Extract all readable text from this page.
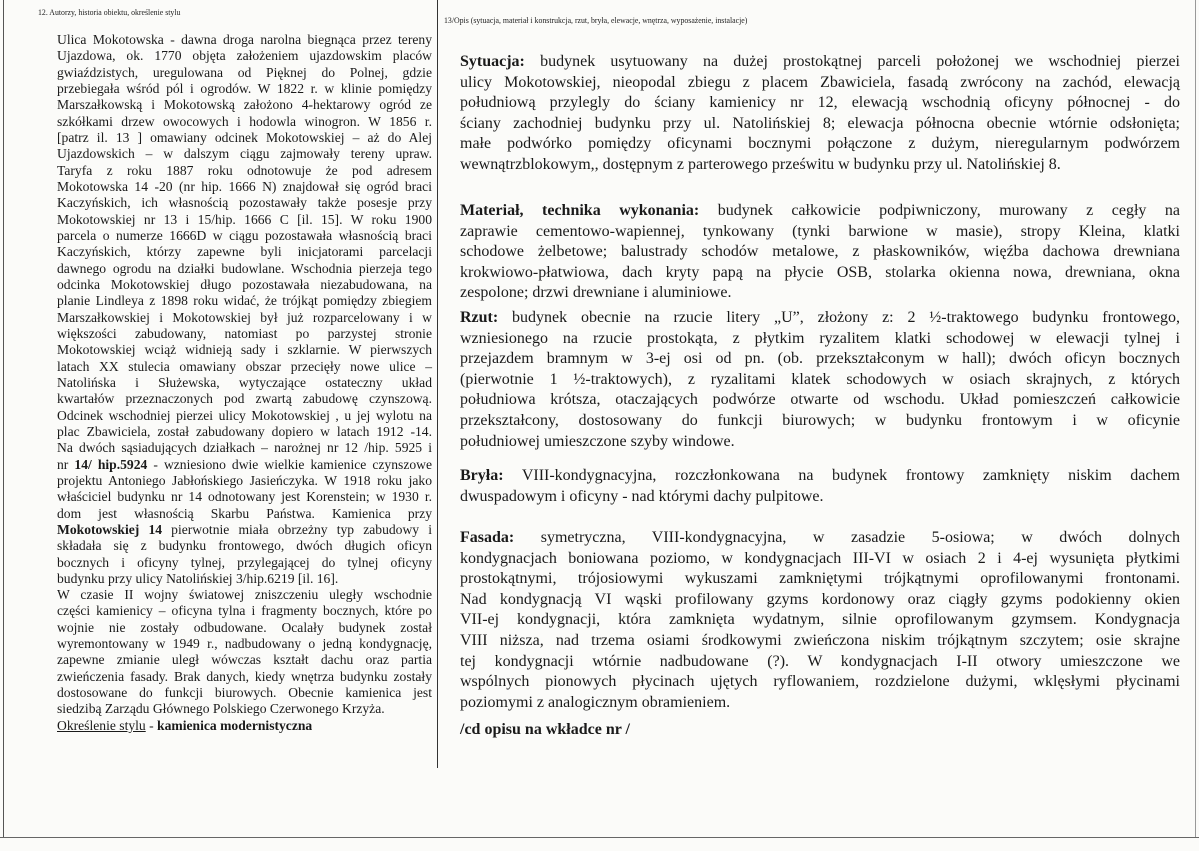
12. Autorzy, historia obiektu, określenie stylu
13/Opis (sytuacja, materiał i konstrukcja, rzut, bryła, elewacje, wnętrza, wyposażenie, instalacje)
Ulica Mokotowska - dawna droga narolna biegnąca przez tereny
Ujazdowa, ok. 1770 objęta założeniem ujazdowskim placów
gwiaździstych, uregulowana od Pięknej do Polnej, gdzie
przebiegała wśród pól i ogrodów. W 1822 r. w klinie pomiędzy
Marszałkowską i Mokotowską założono 4-hektarowy ogród ze
szkółkami drzew owocowych i hodowla winogron. W 1856 r.
[patrz il. 13 ] omawiany odcinek Mokotowskiej – aż do Alej
Ujazdowskich – w dalszym ciągu zajmowały tereny upraw.
Taryfa z roku 1887 roku odnotowuje że pod adresem
Mokotowska 14 -20 (nr hip. 1666 N) znajdował się ogród braci
Kaczyńskich, ich własnością pozostawały także posesje przy
Mokotowskiej nr 13 i 15/hip. 1666 C [il. 15]. W roku 1900
parcela o numerze 1666D w ciągu pozostawała własnością braci
Kaczyńskich, którzy zapewne byli inicjatorami parcelacji
dawnego ogrodu na działki budowlane. Wschodnia pierzeja tego
odcinka Mokotowskiej długo pozostawała niezabudowana, na
planie Lindleya z 1898 roku widać, że trójkąt pomiędzy zbiegiem
Marszałkowskiej i Mokotowskiej był już rozparcelowany i w
większości zabudowany, natomiast po parzystej stronie
Mokotowskiej wciąż widnieją sady i szklarnie. W pierwszych
latach XX stulecia omawiany obszar przecięły nowe ulice –
Natolińska i Służewska, wytyczające ostateczny układ
kwartałów przeznaczonych pod zwartą zabudowę czynszową.
Odcinek wschodniej pierzei ulicy Mokotowskiej , u jej wylotu na
plac Zbawiciela, został zabudowany dopiero w latach 1912 -14.
Na dwóch sąsiadujących działkach – narożnej nr 12 /hip. 5925 i
nr 14/ hip.5924 - wzniesiono dwie wielkie kamienice czynszowe
projektu Antoniego Jabłońskiego Jasieńczyka. W 1918 roku jako
właściciel budynku nr 14 odnotowany jest Korenstein; w 1930 r.
dom jest własnością Skarbu Państwa. Kamienica przy
Mokotowskiej 14 pierwotnie miała obrzeżny typ zabudowy i
składała się z budynku frontowego, dwóch długich oficyn
bocznych i oficyny tylnej, przylegającej do tylnej oficyny
budynku przy ulicy Natolińskiej 3/hip.6219 [il. 16].
W czasie II wojny światowej zniszczeniu uległy wschodnie
części kamienicy – oficyna tylna i fragmenty bocznych, które po
wojnie nie zostały odbudowane. Ocalały budynek został
wyremontowany w 1949 r., nadbudowany o jedną kondygnację,
zapewne zmianie uległ wówczas kształt dachu oraz partia
zwieńczenia fasady. Brak danych, kiedy wnętrza budynku zostały
dostosowane do funkcji biurowych. Obecnie kamienica jest
siedzibą Zarządu Głównego Polskiego Czerwonego Krzyża.
Określenie stylu - kamienica modernistyczna
Sytuacja: budynek usytuowany na dużej prostokątnej parceli położonej we wschodniej pierzei
ulicy Mokotowskiej, nieopodal zbiegu z placem Zbawiciela, fasadą zwrócony na zachód, elewacją
południową przylegly do ściany kamienicy nr 12, elewacją wschodnią oficyny północnej - do
ściany zachodniej budynku przy ul. Natolińskiej 8; elewacja północna obecnie wtórnie odsłonięta;
małe podwórko pomiędzy oficynami bocznymi połączone z dużym, nieregularnym podwórzem
wewnątrzblokowym,, dostępnym z parterowego prześwitu w budynku przy ul. Natolińskiej 8.
Materiał, technika wykonania: budynek całkowicie podpiwniczony, murowany z cegły na
zaprawie cementowo-wapiennej, tynkowany (tynki barwione w masie), stropy Kleina, klatki
schodowe żelbetowe; balustrady schodów metalowe, z płaskowników, więźba dachowa drewniana
krokwiowo-płatwiowa, dach kryty papą na płycie OSB, stolarka okienna nowa, drewniana, okna
zespolone; drzwi drewniane i aluminiowe.
Rzut: budynek obecnie na rzucie litery „U”, złożony z: 2 ½-traktowego budynku frontowego,
wzniesionego na rzucie prostokąta, z płytkim ryzalitem klatki schodowej w elewacji tylnej i
przejazdem bramnym w 3-ej osi od pn. (ob. przekształconym w hall); dwóch oficyn bocznych
(pierwotnie 1 ½-traktowych), z ryzalitami klatek schodowych w osiach skrajnych, z których
południowa krótsza, otaczających podwórze otwarte od wschodu. Układ pomieszczeń całkowicie
przekształcony, dostosowany do funkcji biurowych; w budynku frontowym i w oficynie
południowej umieszczone szyby windowe.
Bryła: VIII-kondygnacyjna, rozczłonkowana na budynek frontowy zamknięty niskim dachem
dwuspadowym i oficyny - nad którymi dachy pulpitowe.
Fasada: symetryczna, VIII-kondygnacyjna, w zasadzie 5-osiowa; w dwóch dolnych
kondygnacjach boniowana poziomo, w kondygnacjach III-VI w osiach 2 i 4-ej wysunięta płytkimi
prostokątnymi, trójosiowymi wykuszami zamkniętymi trójkątnymi oprofilowanymi frontonami.
Nad kondygnacją VI wąski profilowany gzyms kordonowy oraz ciągły gzyms podokienny okien
VII-ej kondygnacji, która zamknięta wydatnym, silnie oprofilowanym gzymsem. Kondygnacja
VIII niższa, nad trzema osiami środkowymi zwieńczona niskim trójkątnym szczytem; osie skrajne
tej kondygnacji wtórnie nadbudowane (?). W kondygnacjach I-II otwory umieszczone we
wspólnych pionowych płycinach ujętych ryflowaniem, rozdzielone dużymi, wklęsłymi płycinami
poziomymi z analogicznym obramieniem.
/cd opisu na wkładce nr /
